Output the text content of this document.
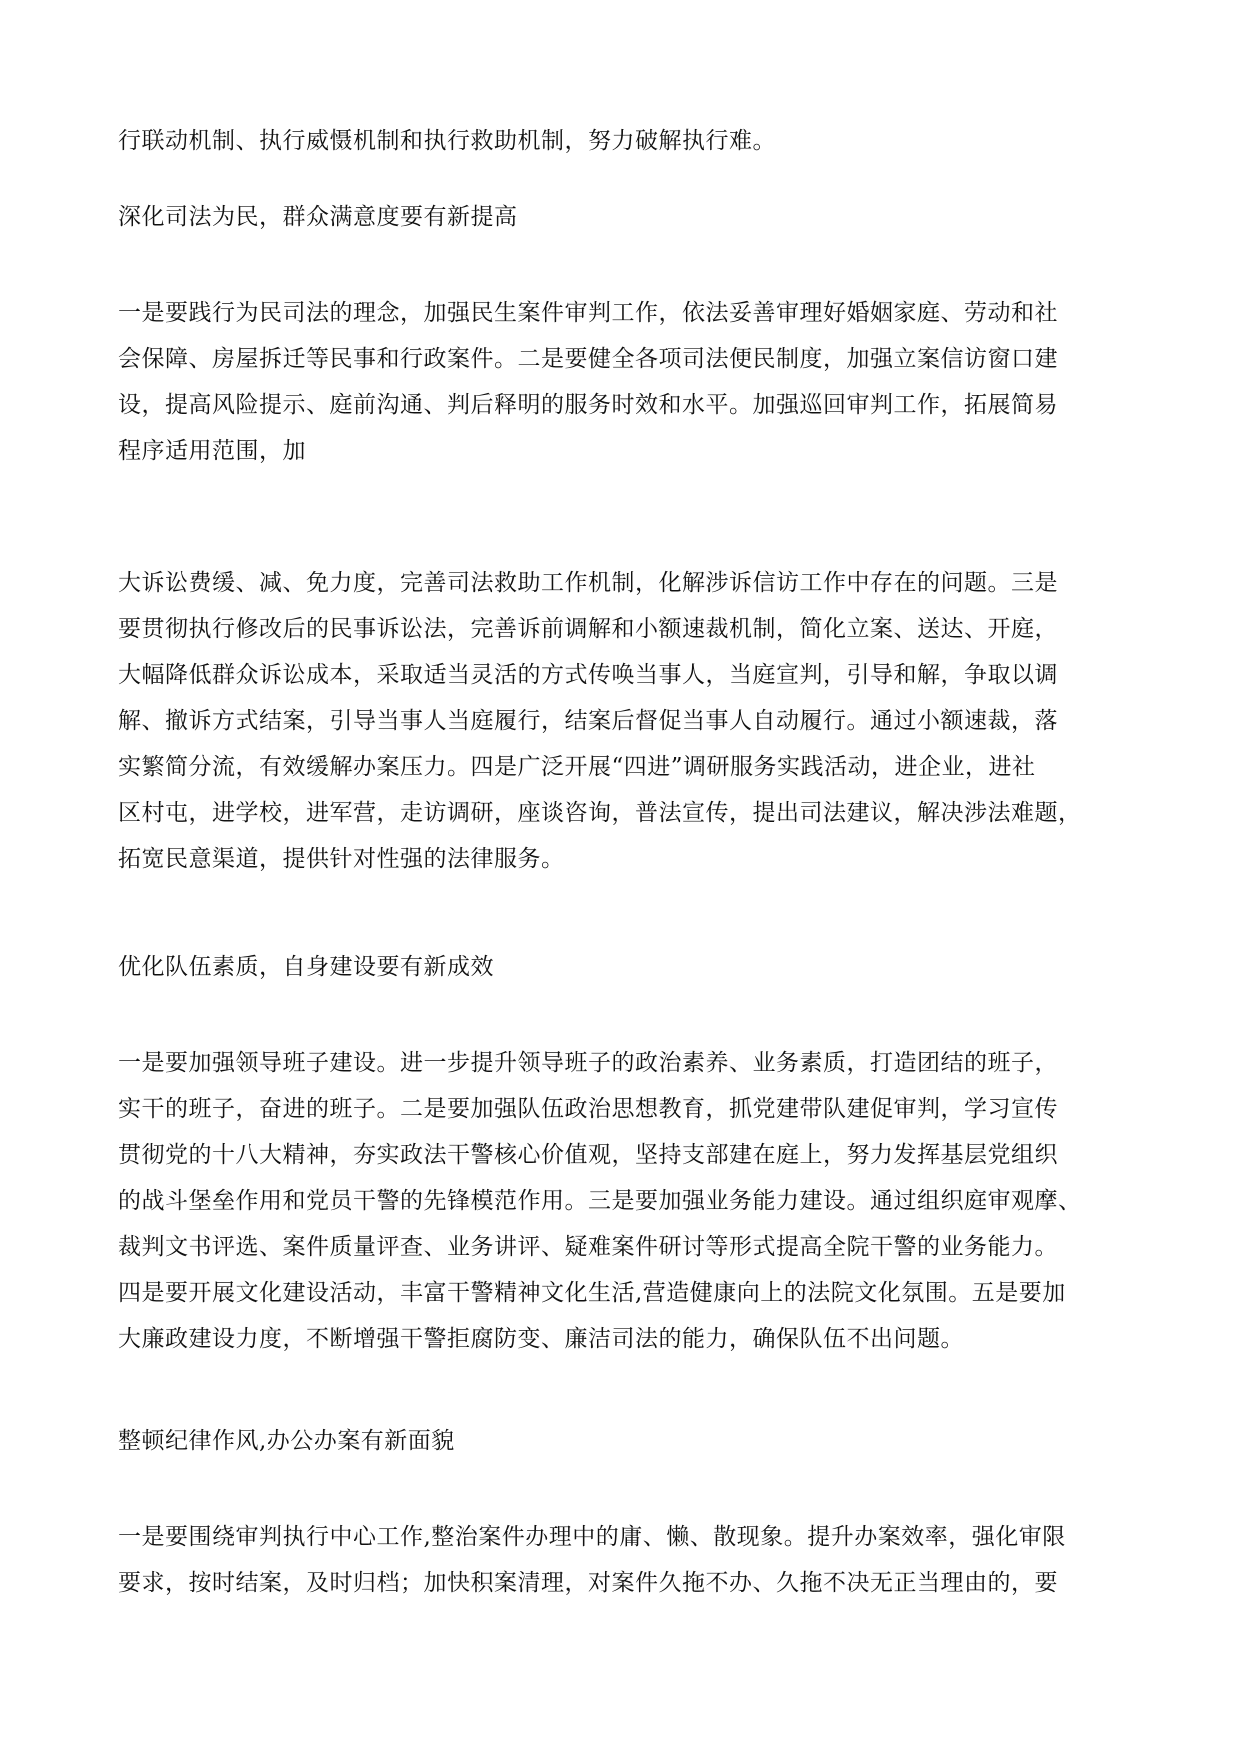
行联动机制、执行威慑机制和执行救助机制，努力破解执行难。
深化司法为民，群众满意度要有新提高
一是要践行为民司法的理念，加强民生案件审判工作，依法妥善审理好婚姻家庭、劳动和社
会保障、房屋拆迁等民事和行政案件。二是要健全各项司法便民制度，加强立案信访窗口建
设，提高风险提示、庭前沟通、判后释明的服务时效和水平。加强巡回审判工作，拓展简易
程序适用范围，加
大诉讼费缓、减、免力度，完善司法救助工作机制，化解涉诉信访工作中存在的问题。三是
要贯彻执行修改后的民事诉讼法，完善诉前调解和小额速裁机制，简化立案、送达、开庭，
大幅降低群众诉讼成本，采取适当灵活的方式传唤当事人，当庭宣判，引导和解，争取以调
解、撤诉方式结案，引导当事人当庭履行，结案后督促当事人自动履行。通过小额速裁，落
实繁简分流，有效缓解办案压力。四是广泛开展“四进”调研服务实践活动，进企业，进社
区村屯，进学校，进军营，走访调研，座谈咨询，普法宣传，提出司法建议，解决涉法难题，
拓宽民意渠道，提供针对性强的法律服务。
优化队伍素质，自身建设要有新成效
一是要加强领导班子建设。进一步提升领导班子的政治素养、业务素质，打造团结的班子，
实干的班子，奋进的班子。二是要加强队伍政治思想教育，抓党建带队建促审判，学习宣传
贯彻党的十八大精神，夯实政法干警核心价值观，坚持支部建在庭上，努力发挥基层党组织
的战斗堡垒作用和党员干警的先锋模范作用。三是要加强业务能力建设。通过组织庭审观摩、
裁判文书评选、案件质量评查、业务讲评、疑难案件研讨等形式提高全院干警的业务能力。
四是要开展文化建设活动，丰富干警精神文化生活,营造健康向上的法院文化氛围。五是要加
大廉政建设力度，不断增强干警拒腐防变、廉洁司法的能力，确保队伍不出问题。
整顿纪律作风,办公办案有新面貌
一是要围绕审判执行中心工作,整治案件办理中的庸、懒、散现象。提升办案效率，强化审限
要求，按时结案，及时归档；加快积案清理，对案件久拖不办、久拖不决无正当理由的，要
